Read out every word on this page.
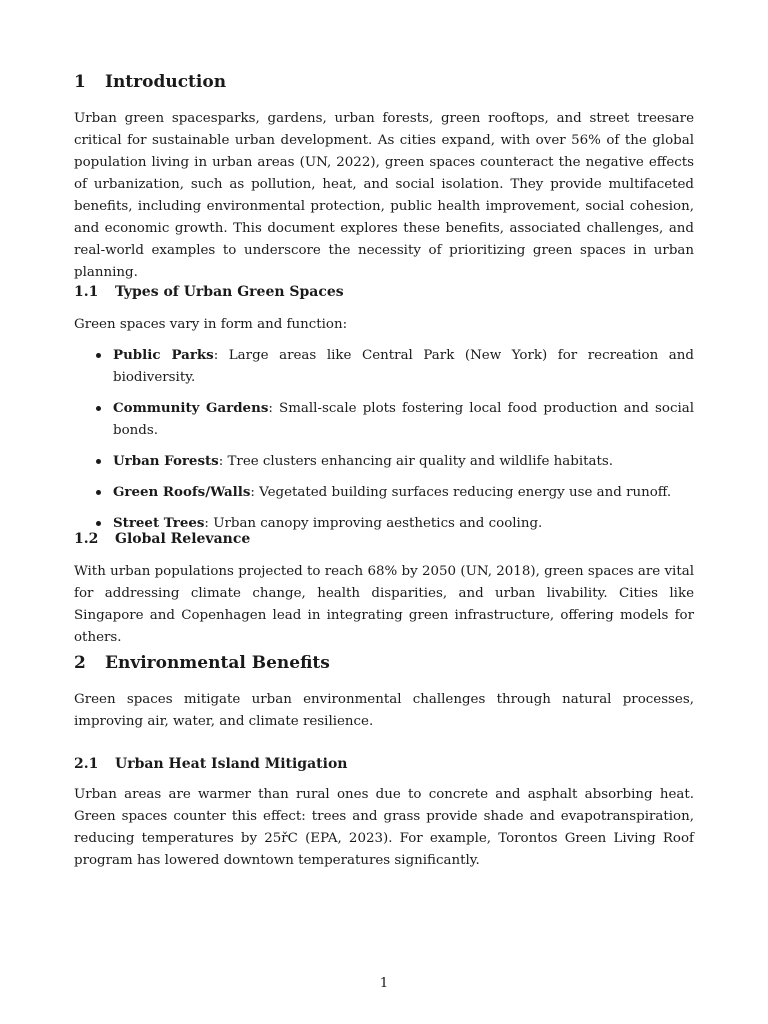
1 Introduction

Urban green spacesparks, gardens, urban forests, green rooftops, and street treesare critical for sustainable urban development. As cities expand, with over 56% of the global population living in urban areas (UN, 2022), green spaces counteract the negative effects of urbanization, such as pollution, heat, and social isolation. They provide multifaceted benefits, including environmental protection, public health improvement, social cohesion, and economic growth. This document explores these benefits, associated challenges, and real-world examples to underscore the necessity of prioritizing green spaces in urban planning.

1.1 Types of Urban Green Spaces

Green spaces vary in form and function:

Public Parks: Large areas like Central Park (New York) for recreation and biodiversity.
Community Gardens: Small-scale plots fostering local food production and social bonds.
Urban Forests: Tree clusters enhancing air quality and wildlife habitats.
Green Roofs/Walls: Vegetated building surfaces reducing energy use and runoff.
Street Trees: Urban canopy improving aesthetics and cooling.
1.2 Global Relevance

With urban populations projected to reach 68% by 2050 (UN, 2018), green spaces are vital for addressing climate change, health disparities, and urban livability. Cities like Singapore and Copenhagen lead in integrating green infrastructure, offering models for others.

2 Environmental Benefits

Green spaces mitigate urban environmental challenges through natural processes, improving air, water, and climate resilience.

2.1 Urban Heat Island Mitigation

Urban areas are warmer than rural ones due to concrete and asphalt absorbing heat. Green spaces counter this effect: trees and grass provide shade and evapotranspiration, reducing temperatures by 25řC (EPA, 2023). For example, Torontos Green Living Roof program has lowered downtown temperatures significantly.

1
